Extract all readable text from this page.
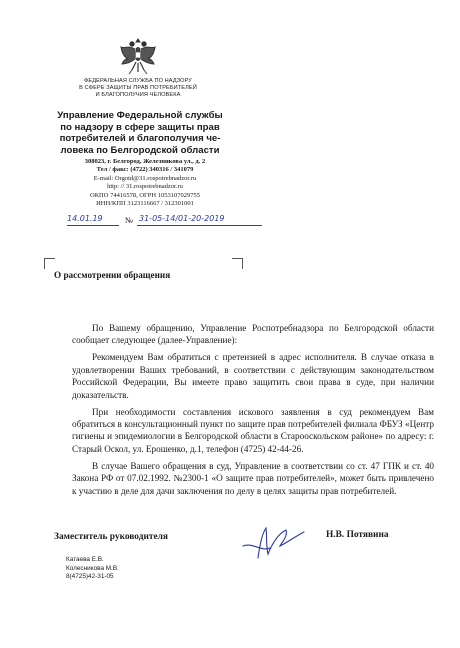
ФЕДЕРАЛЬНАЯ СЛУЖБА ПО НАДЗОРУ
В СФЕРЕ ЗАЩИТЫ ПРАВ ПОТРЕБИТЕЛЕЙ
И БЛАГОПОЛУЧИЯ ЧЕЛОВЕКА
Управление Федеральной службы
по надзору в сфере защиты прав
потребителей и благополучия че-
ловека по Белгородской области
308023, г. Белгород, Железникова ул., д. 2
Тел / факс: (4722) 340316 / 341079
E-mail: Orgotd@31.rospotrebnadzor.ru
http: // 31.rospotrebnadzor.ru
ОКПО 74416578, ОГРН 1053107029755
ИНН/КПП 3123116667 / 312301001
14.01.19	№ 31-05-14/01-20-2019
О рассмотрении обращения

По Вашему обращению, Управление Роспотребнадзора по Белгородской области сообщает следующее (далее-Управление):

Рекомендуем Вам обратиться с претензией в адрес исполнителя. В случае отказа в удовлетворении Ваших требований, в соответствии с действующим законодательством Российской Федерации, Вы имеете право защитить свои права в суде, при наличии доказательств.

При необходимости составления искового заявления в суд рекомендуем Вам обратиться в консультационный пункт по защите прав потребителей филиала ФБУЗ «Центр гигиены и эпидемиологии в Белгородской области в Старооскольском районе» по адресу: г. Старый Оскол, ул. Ерошенко, д.1, телефон (4725) 42-44-26.

В случае Вашего обращения в суд, Управление в соответствии со ст. 47 ГПК и ст. 40 Закона РФ от 07.02.1992. №2300-1 «О защите прав потребителей», может быть привлечено к участию в деле для дачи заключения по делу в целях защиты прав потребителей.

Заместитель руководителя	Н.В. Потявина
Катаева Е.В.
Колесникова М.В.
8(4725)42-31-05
